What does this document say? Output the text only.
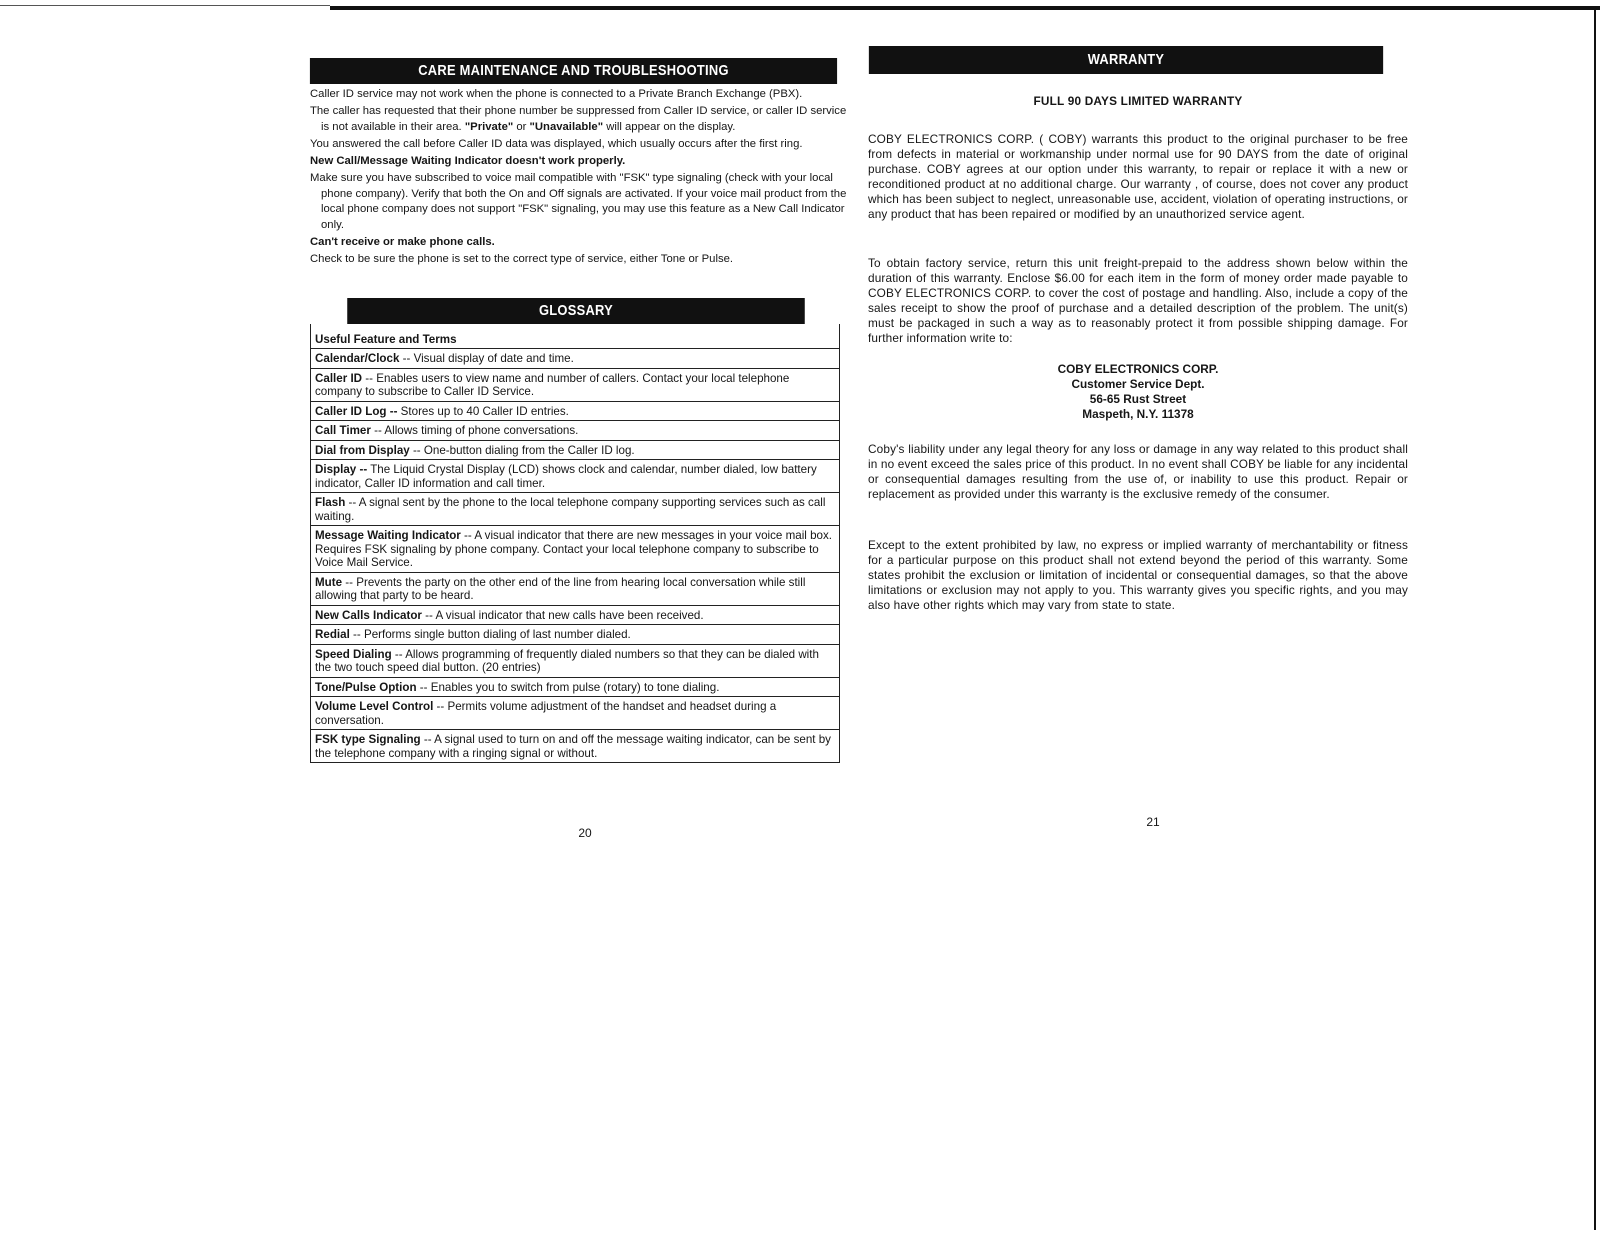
CARE MAINTENANCE AND TROUBLESHOOTING

Caller ID service may not work when the phone is connected to a Private Branch Exchange (PBX).

The caller has requested that their phone number be suppressed from Caller ID service, or caller ID service is not available in their area. "Private" or "Unavailable" will appear on the display.

You answered the call before Caller ID data was displayed, which usually occurs after the first ring.

New Call/Message Waiting Indicator doesn't work properly.

Make sure you have subscribed to voice mail compatible with "FSK" type signaling (check with your local phone company). Verify that both the On and Off signals are activated. If your voice mail product from the local phone company does not support "FSK" signaling, you may use this feature as a New Call Indicator only.

Can't receive or make phone calls.

Check to be sure the phone is set to the correct type of service, either Tone or Pulse.

GLOSSARY
Useful Feature and Terms
Calendar/Clock -- Visual display of date and time.
Caller ID -- Enables users to view name and number of callers. Contact your local telephone company to subscribe to Caller ID Service.
Caller ID Log -- Stores up to 40 Caller ID entries.
Call Timer -- Allows timing of phone conversations.
Dial from Display -- One-button dialing from the Caller ID log.
Display -- The Liquid Crystal Display (LCD) shows clock and calendar, number dialed, low battery indicator, Caller ID information and call timer.
Flash -- A signal sent by the phone to the local telephone company supporting services such as call waiting.
Message Waiting Indicator -- A visual indicator that there are new messages in your voice mail box. Requires FSK signaling by phone company. Contact your local telephone company to subscribe to Voice Mail Service.
Mute -- Prevents the party on the other end of the line from hearing local conversation while still allowing that party to be heard.
New Calls Indicator -- A visual indicator that new calls have been received.
Redial -- Performs single button dialing of last number dialed.
Speed Dialing -- Allows programming of frequently dialed numbers so that they can be dialed with the two touch speed dial button. (20 entries)
Tone/Pulse Option -- Enables you to switch from pulse (rotary) to tone dialing.
Volume Level Control -- Permits volume adjustment of the handset and headset during a conversation.
FSK type Signaling -- A signal used to turn on and off the message waiting indicator, can be sent by the telephone company with a ringing signal or without.
20
WARRANTY
FULL 90 DAYS LIMITED WARRANTY
COBY ELECTRONICS CORP. ( COBY) warrants this product to the original purchaser to be free from defects in material or workmanship under normal use for 90 DAYS from the date of original purchase. COBY agrees at our option under this warranty, to repair or replace it with a new or reconditioned product at no additional charge. Our warranty , of course, does not cover any product which has been subject to neglect, unreasonable use, accident, violation of operating instructions, or any product that has been repaired or modified by an unauthorized service agent.
To obtain factory service, return this unit freight-prepaid to the address shown below within the duration of this warranty. Enclose $6.00 for each item in the form of money order made payable to COBY ELECTRONICS CORP. to cover the cost of postage and handling. Also, include a copy of the sales receipt to show the proof of purchase and a detailed description of the problem. The unit(s) must be packaged in such a way as to reasonably protect it from possible shipping damage. For further information write to:
COBY ELECTRONICS CORP.
Customer Service Dept.
56-65 Rust Street
Maspeth, N.Y. 11378
Coby's liability under any legal theory for any loss or damage in any way related to this product shall in no event exceed the sales price of this product. In no event shall COBY be liable for any incidental or consequential damages resulting from the use of, or inability to use this product. Repair or replacement as provided under this warranty is the exclusive remedy of the consumer.
Except to the extent prohibited by law, no express or implied warranty of merchantability or fitness for a particular purpose on this product shall not extend beyond the period of this warranty. Some states prohibit the exclusion or limitation of incidental or consequential damages, so that the above limitations or exclusion may not apply to you. This warranty gives you specific rights, and you may also have other rights which may vary from state to state.
21
